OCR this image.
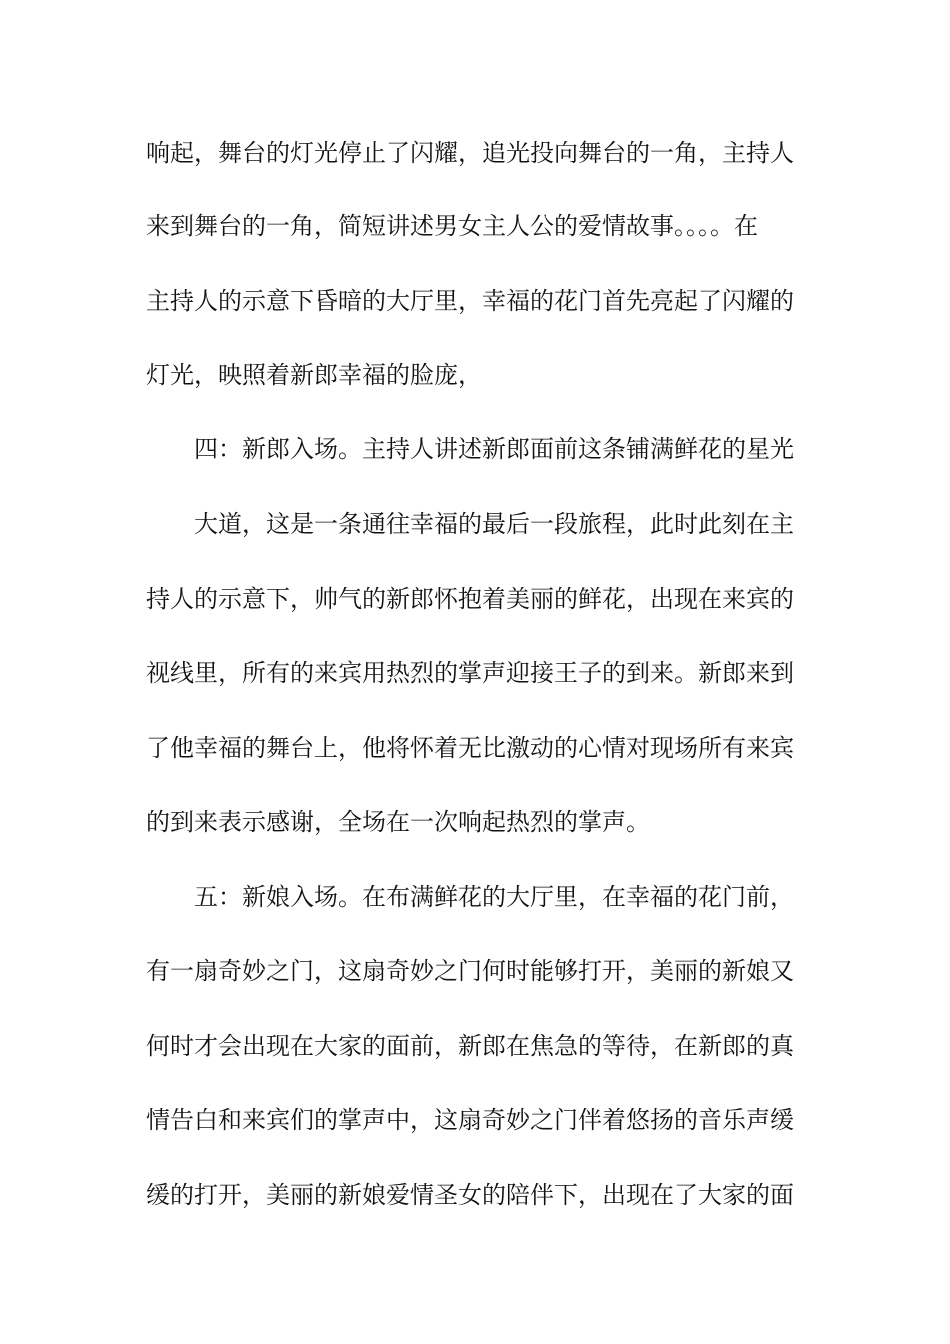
响起，舞台的灯光停止了闪耀，追光投向舞台的一角，主持人
来到舞台的一角，简短讲述男女主人公的爱情故事。。。。在
主持人的示意下昏暗的大厅里，幸福的花门首先亮起了闪耀的
灯光，映照着新郎幸福的脸庞，
四：新郎入场。主持人讲述新郎面前这条铺满鲜花的星光
大道，这是一条通往幸福的最后一段旅程，此时此刻在主
持人的示意下，帅气的新郎怀抱着美丽的鲜花，出现在来宾的
视线里，所有的来宾用热烈的掌声迎接王子的到来。新郎来到
了他幸福的舞台上，他将怀着无比激动的心情对现场所有来宾
的到来表示感谢，全场在一次响起热烈的掌声。
五：新娘入场。在布满鲜花的大厅里，在幸福的花门前，
有一扇奇妙之门，这扇奇妙之门何时能够打开，美丽的新娘又
何时才会出现在大家的面前，新郎在焦急的等待，在新郎的真
情告白和来宾们的掌声中，这扇奇妙之门伴着悠扬的音乐声缓
缓的打开，美丽的新娘爱情圣女的陪伴下，出现在了大家的面
